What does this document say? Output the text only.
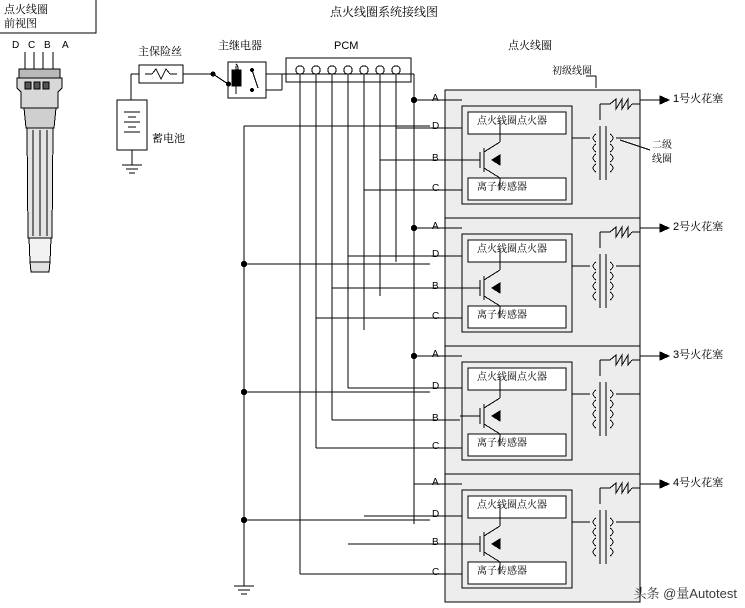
点火线圈
前视图
D C B A
点火线圈系统接线图
主保险丝	主继电器	PCM
蓄电池
点火线圈
初级线圈
二级
线圈
A
D
B
C
点火线圈点火器
离子传感器
1号火花塞
A
D
B
C
点火线圈点火器
离子传感器
2号火花塞
A
D
B
C
点火线圈点火器
离子传感器
3号火花塞
A
D
B
C
点火线圈点火器
离子传感器
4号火花塞
头条 @量Autotest
